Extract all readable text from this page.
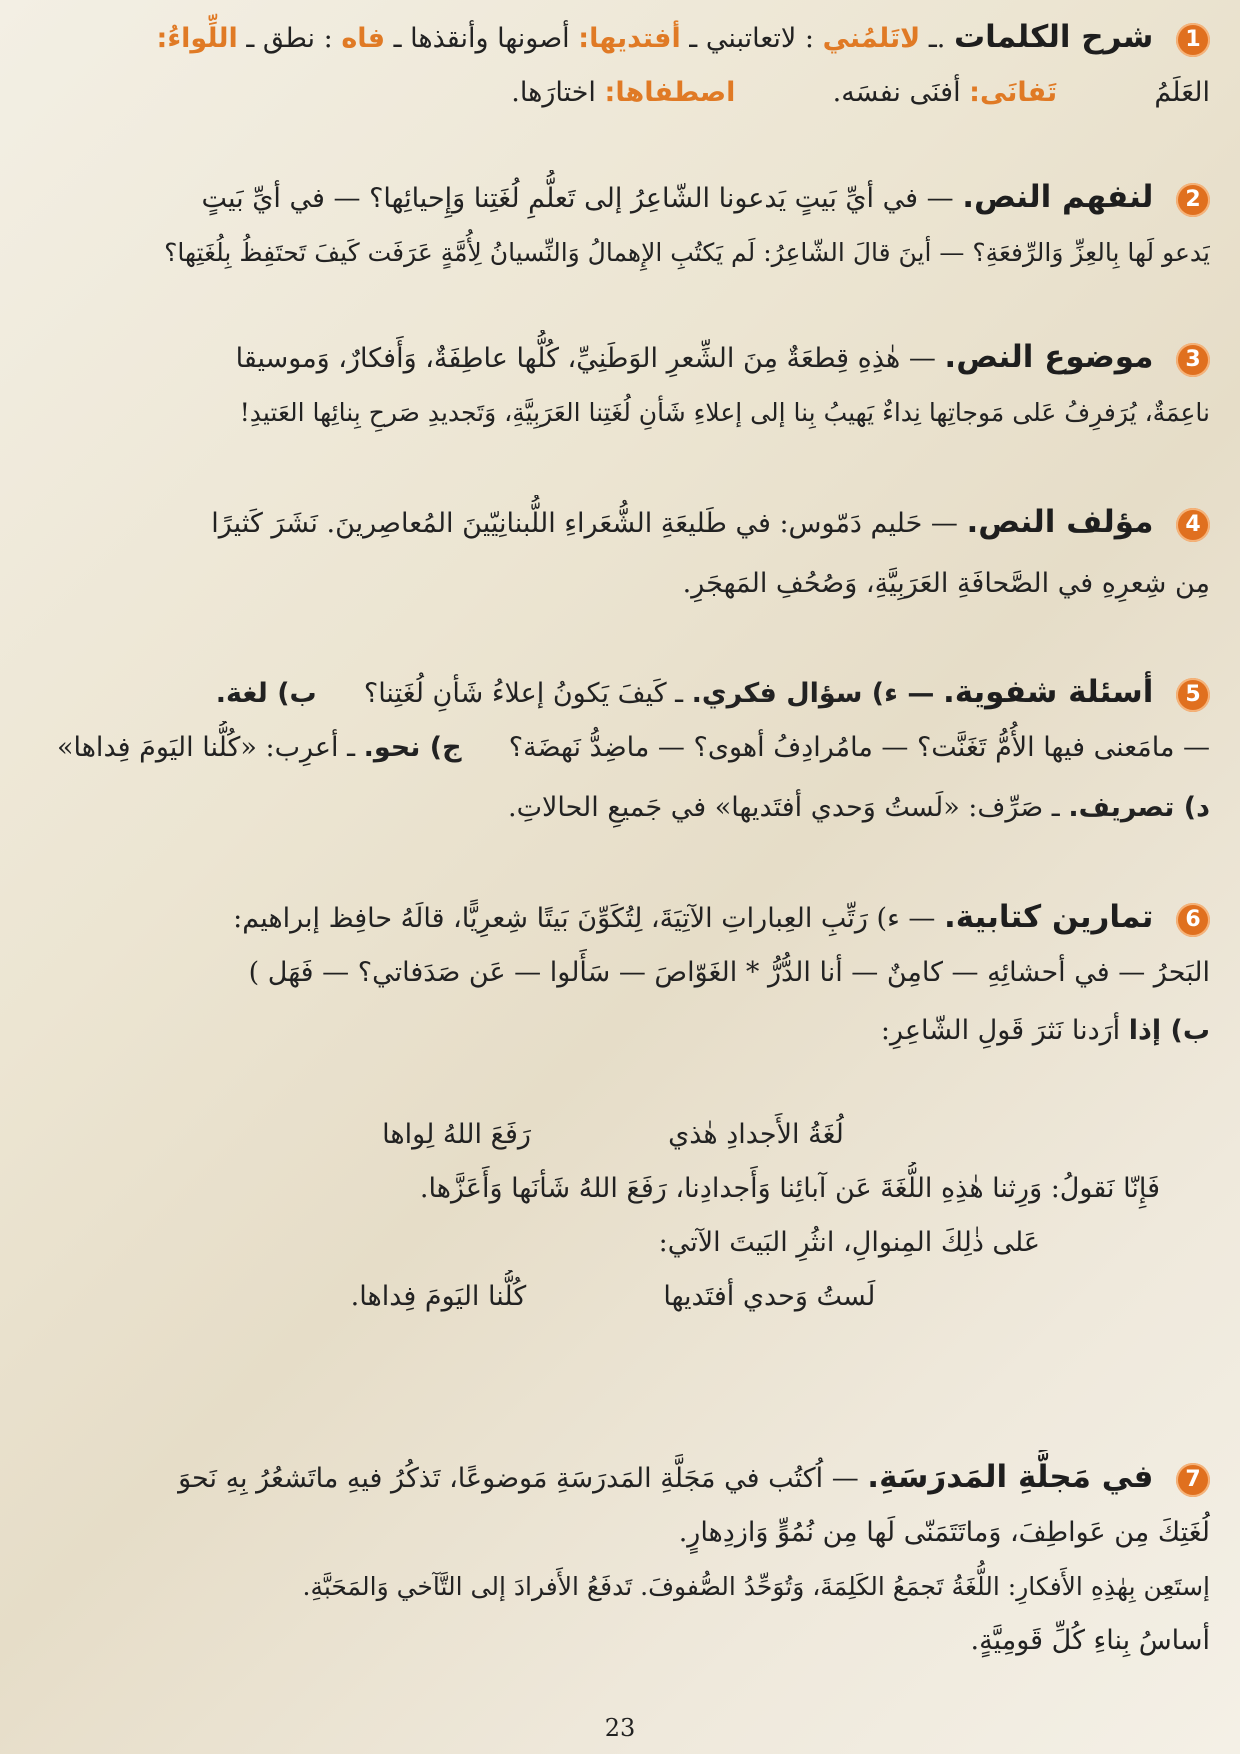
1 شرح الكلمات .ـ لاتَلمُني : لاتعاتبني ـ أفتديها: أصونها وأنقذها ـ فاه : نطق ـ اللِّواءُ:
العَلَمُ  تَفانَى: أفنَى نفسَه.  اصطفاها: اختارَها.
2 لنفهم النص. — في أيِّ بَيتٍ يَدعونا الشّاعِرُ إلى تَعلُّمِ لُغَتِنا وَإِحيائِها؟ — في أيِّ بَيتٍ
يَدعو لَها بِالعِزِّ وَالرِّفعَةِ؟ — أينَ قالَ الشّاعِرُ: لَم يَكتُبِ الإِهمالُ وَالنِّسيانُ لِأُمَّةٍ عَرَفَت كَيفَ تَحتَفِظُ بِلُغَتِها؟
3 موضوع النص. — هٰذِهِ قِطعَةٌ مِنَ الشِّعرِ الوَطَنِيِّ، كُلُّها عاطِفَةٌ، وَأَفكارٌ، وَموسيقا
ناعِمَةٌ، يُرَفرِفُ عَلى مَوجاتِها نِداءٌ يَهيبُ بِنا إلى إعلاءِ شَأنِ لُغَتِنا العَرَبِيَّةِ، وَتَجديدِ صَرحِ بِنائِها العَتيدِ!
4 مؤلف النص. — حَليم دَمّوس: في طَليعَةِ الشُّعَراءِ اللُّبنانِيّينَ المُعاصِرينَ. نَشَرَ كَثيرًا
مِن شِعرِهِ في الصَّحافَةِ العَرَبِيَّةِ، وَصُحُفِ المَهجَرِ.
5 أسئلة شفوية. — ء) سؤال فكري. ـ كَيفَ يَكونُ إعلاءُ شَأنِ لُغَتِنا؟  ب) لغة.
— مامَعنى فيها الأُمُّ تَغَنَّت؟ — مامُرادِفُ أهوى؟ — ماضِدُّ نَهضَة؟  ج) نحو. ـ أعرِب: «كُلُّنا اليَومَ فِداها»
د) تصريف. ـ صَرِّف: «لَستُ وَحدي أفتَديها» في جَميعِ الحالاتِ.
6 تمارين كتابية. — ء) رَتِّبِ العِباراتِ الآتِيَةَ، لِتُكَوِّنَ بَيتًا شِعرِيًّا، قالَهُ حافِظ إبراهيم:
البَحرُ — في أحشائِهِ — كامِنٌ — أنا الدُّرُّ * الغَوّاصَ — سَأَلوا — عَن صَدَفاتي؟ — فَهَل )
ب) إذا أرَدنا نَثرَ قَولِ الشّاعِرِ:
لُغَةُ الأَجدادِ هٰذي  رَفَعَ اللهُ لِواها
فَإِنّا نَقولُ: وَرِثنا هٰذِهِ اللُّغَةَ عَن آبائِنا وَأَجدادِنا، رَفَعَ اللهُ شَأنَها وَأَعَزَّها.
عَلى ذٰلِكَ المِنوالِ، انثُرِ البَيتَ الآتي:
لَستُ وَحدي أفتَديها  كُلُّنا اليَومَ فِداها.
7 في مَجلَّةِ المَدرَسَةِ. — اُكتُب في مَجَلَّةِ المَدرَسَةِ مَوضوعًا، تَذكُرُ فيهِ ماتَشعُرُ بِهِ نَحوَ
لُغَتِكَ مِن عَواطِفَ، وَماتَتَمَنّى لَها مِن نُمُوٍّ وَازدِهارٍ.
إستَعِن بِهٰذِهِ الأَفكارِ: اللُّغَةُ تَجمَعُ الكَلِمَةَ، وَتُوَحِّدُ الصُّفوفَ. تَدفَعُ الأَفرادَ إلى التَّآخي وَالمَحَبَّةِ.
أساسُ بِناءِ كُلِّ قَومِيَّةٍ.
23
